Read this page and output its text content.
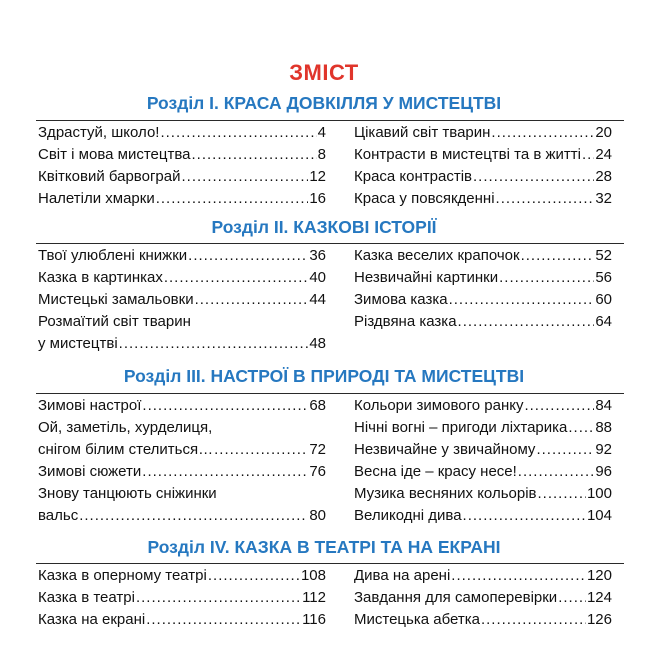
ЗМІСТ
Розділ І. КРАСА ДОВКІЛЛЯ У МИСТЕЦТВІ
Здрастуй, школо! .....	4
Світ і мова мистецтва .....	8
Квітковий барвограй .....	12
Налетіли хмарки .....	16
Цікавий світ тварин .....	20
Контрасти в мистецтві та в житті ..... 24
Краса контрастів .....	28
Краса у повсякденні .....	32
Розділ ІІ. КАЗКОВІ ІСТОРІЇ
Твої улюблені книжки .....	36
Казка в картинках .....	40
Мистецькі замальовки .....	44
Розмаїтий світ тварин
у мистецтві .....	48
Казка веселих крапочок .....	52
Незвичайні картинки .....	56
Зимова казка .....	60
Різдвяна казка .....	64
Розділ ІІІ. НАСТРОЇ В ПРИРОДІ ТА МИСТЕЦТВІ
Зимові настрої .....	68
Ой, заметіль, хурделиця,
снігом білим стелиться… .....	72
Зимові сюжети .....	76
Знову танцюють сніжинки
вальс .....	80
Кольори зимового ранку .....	84
Нічні вогні – пригоди ліхтарика ..... 88
Незвичайне у звичайному .....	92
Весна іде – красу несе! .....	96
Музика весняних кольорів .....	100
Великодні дива .....	104
Розділ IV. КАЗКА В ТЕАТРІ ТА НА ЕКРАНІ
Казка в оперному театрі .....	108
Казка в театрі .....	112
Казка на екрані .....	116
Дива на арені .....	120
Завдання для самоперевірки ..... 124
Мистецька абетка .....	126
